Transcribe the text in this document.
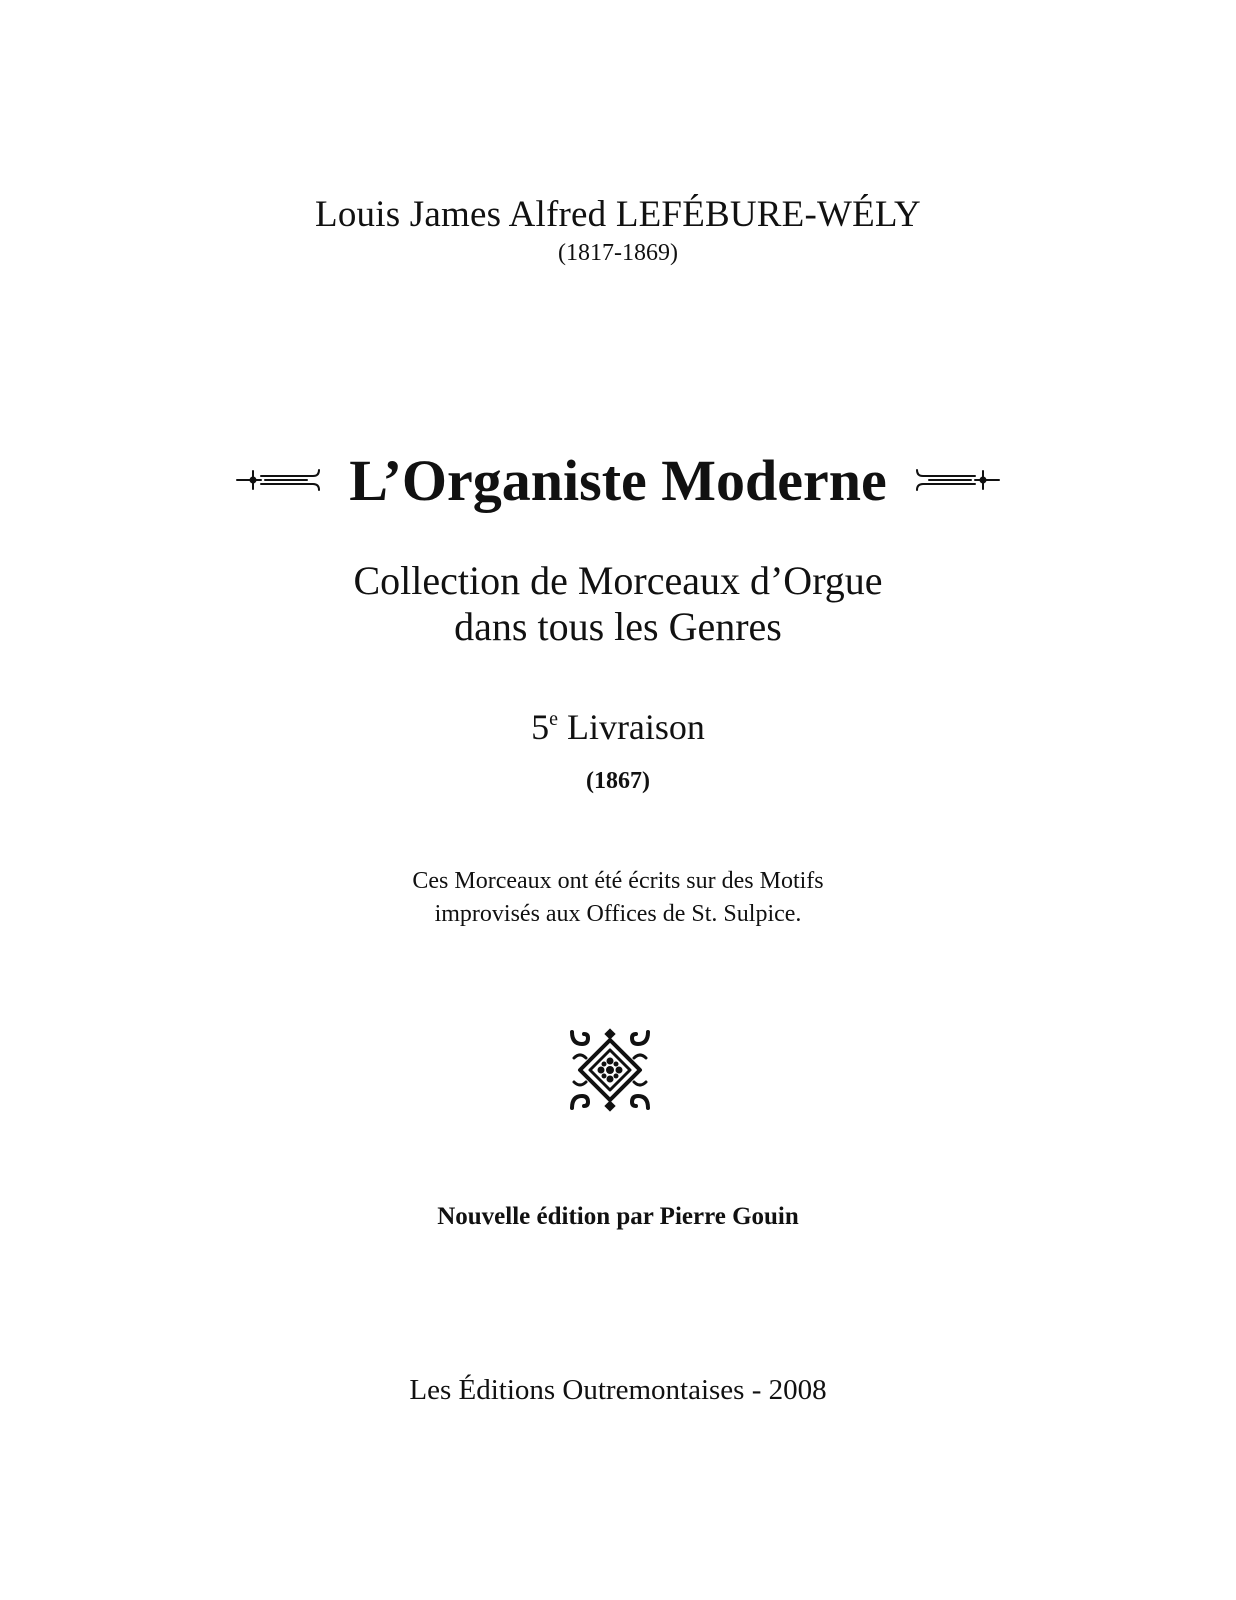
Louis James Alfred LEFÉBURE-WÉLY
(1817-1869)
L’Organiste Moderne
Collection de Morceaux d’Orgue
dans tous les Genres
5e Livraison
(1867)
Ces Morceaux ont été écrits sur des Motifs
improvisés aux Offices de St. Sulpice.
Nouvelle édition par Pierre Gouin
Les Éditions Outremontaises - 2008
